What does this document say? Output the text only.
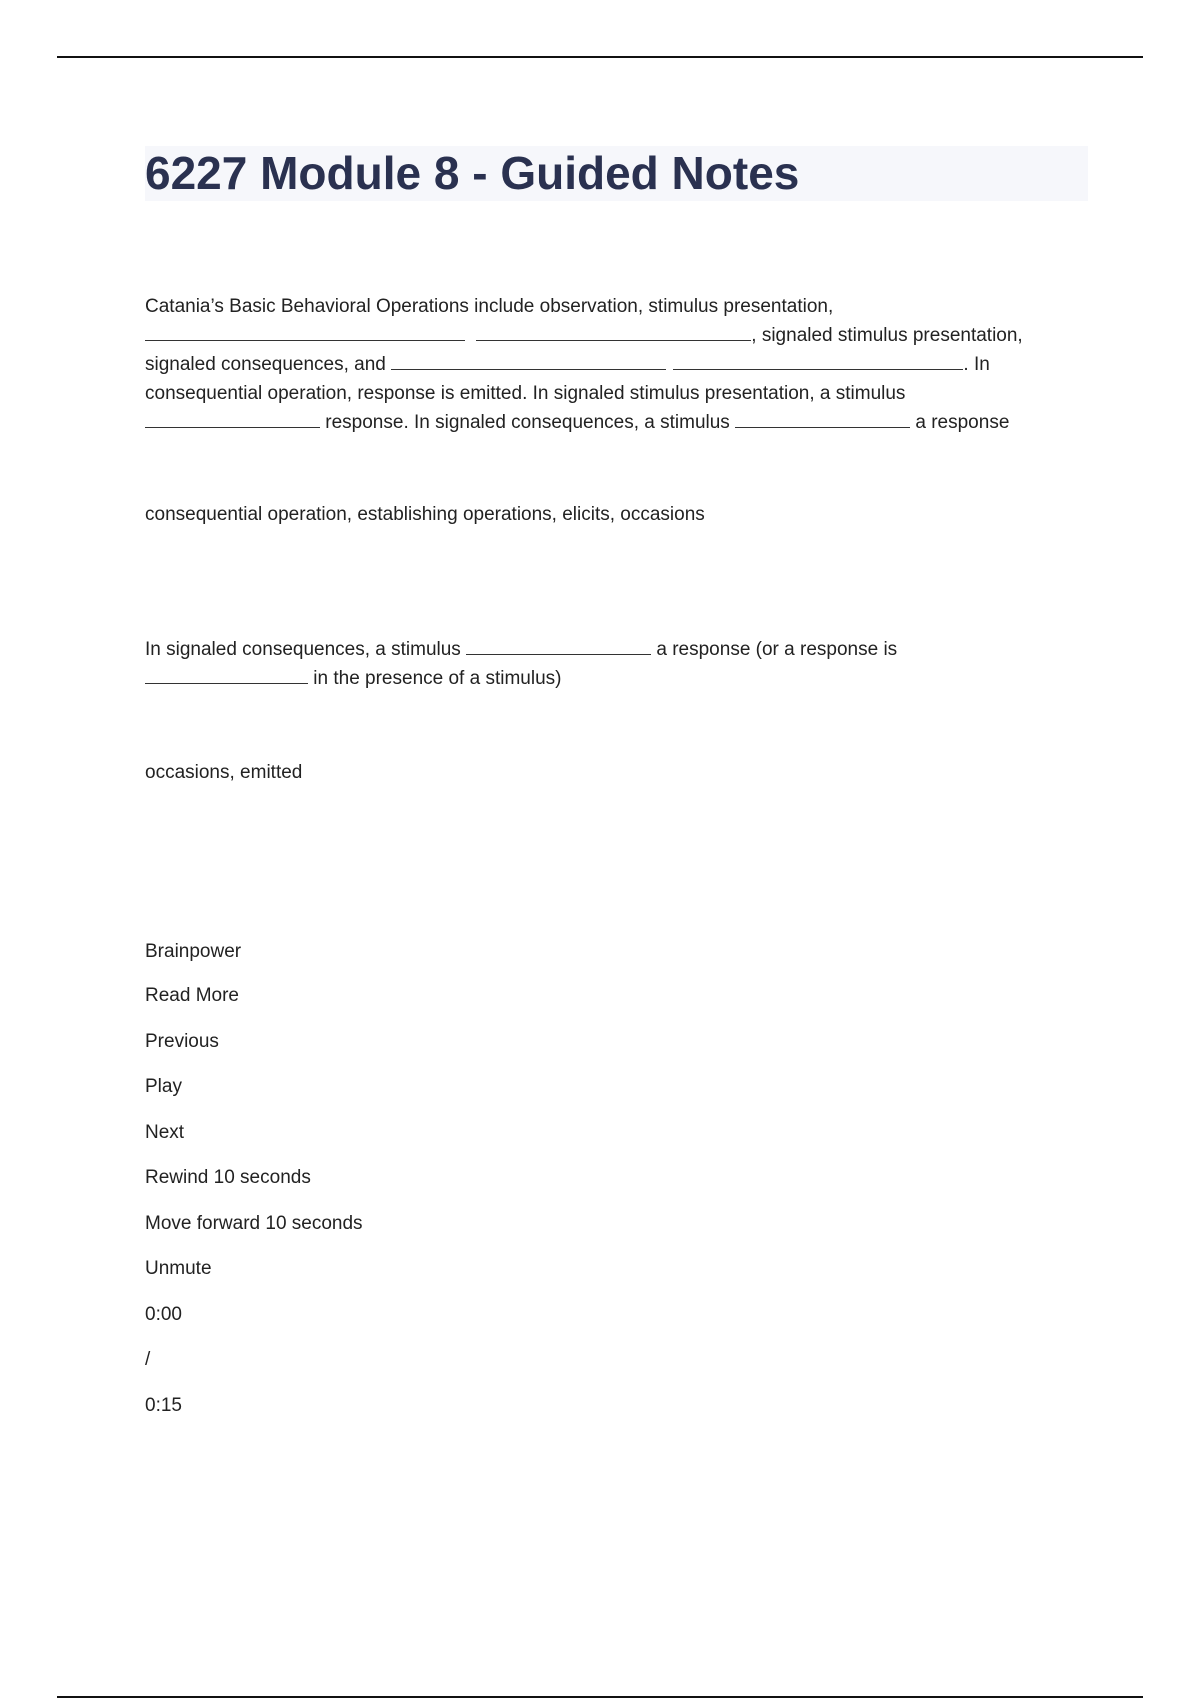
6227 Module 8 - Guided Notes
Catania’s Basic Behavioral Operations include observation, stimulus presentation,
, signaled stimulus presentation,
signaled consequences, and	. In
consequential operation, response is emitted. In signaled stimulus presentation, a stimulus
response. In signaled consequences, a stimulus	a response
consequential operation, establishing operations, elicits, occasions
In signaled consequences, a stimulus	a response (or a response is
in the presence of a stimulus)
occasions, emitted
Brainpower
Read More
Previous
Play
Next
Rewind 10 seconds
Move forward 10 seconds
Unmute
0:00
/
0:15
